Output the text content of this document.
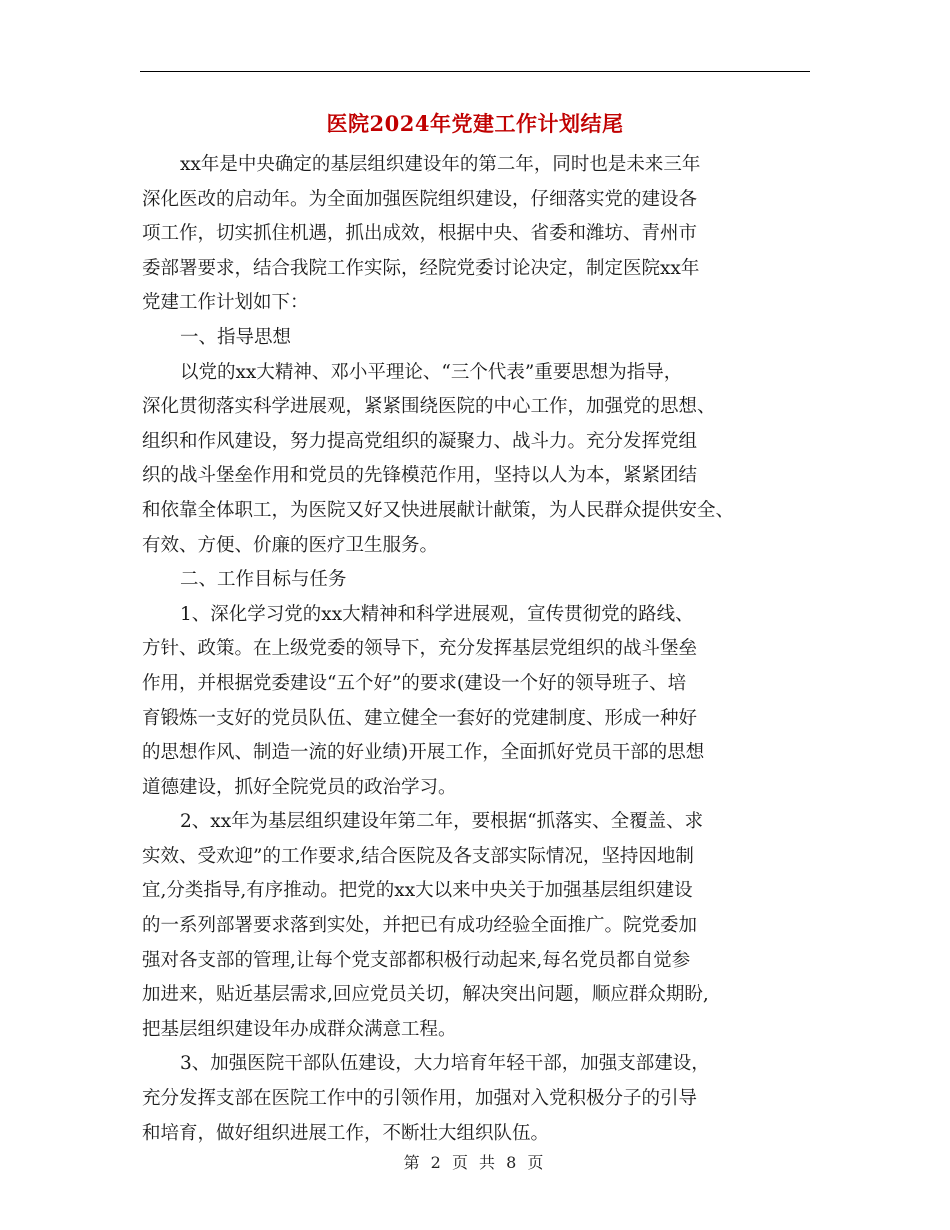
医院2024年党建工作计划结尾
xx年是中央确定的基层组织建设年的第二年，同时也是未来三年
深化医改的启动年。为全面加强医院组织建设，仔细落实党的建设各
项工作，切实抓住机遇，抓出成效，根据中央、省委和潍坊、青州市
委部署要求，结合我院工作实际，经院党委讨论决定，制定医院xx年
党建工作计划如下：
一、指导思想
以党的xx大精神、邓小平理论、“三个代表”重要思想为指导，
深化贯彻落实科学进展观，紧紧围绕医院的中心工作，加强党的思想、
组织和作风建设，努力提高党组织的凝聚力、战斗力。充分发挥党组
织的战斗堡垒作用和党员的先锋模范作用，坚持以人为本，紧紧团结
和依靠全体职工，为医院又好又快进展献计献策，为人民群众提供安全、
有效、方便、价廉的医疗卫生服务。
二、工作目标与任务
1、深化学习党的xx大精神和科学进展观，宣传贯彻党的路线、
方针、政策。在上级党委的领导下，充分发挥基层党组织的战斗堡垒
作用，并根据党委建设“五个好”的要求(建设一个好的领导班子、培
育锻炼一支好的党员队伍、建立健全一套好的党建制度、形成一种好
的思想作风、制造一流的好业绩)开展工作，全面抓好党员干部的思想
道德建设，抓好全院党员的政治学习。
2、xx年为基层组织建设年第二年，要根据“抓落实、全覆盖、求
实效、受欢迎”的工作要求,结合医院及各支部实际情况，坚持因地制
宜,分类指导,有序推动。把党的xx大以来中央关于加强基层组织建设
的一系列部署要求落到实处，并把已有成功经验全面推广。院党委加
强对各支部的管理,让每个党支部都积极行动起来,每名党员都自觉参
加进来，贴近基层需求,回应党员关切，解决突出问题，顺应群众期盼,
把基层组织建设年办成群众满意工程。
3、加强医院干部队伍建设，大力培育年轻干部，加强支部建设，
充分发挥支部在医院工作中的引领作用，加强对入党积极分子的引导
和培育，做好组织进展工作，不断壮大组织队伍。
第 2 页 共 8 页
